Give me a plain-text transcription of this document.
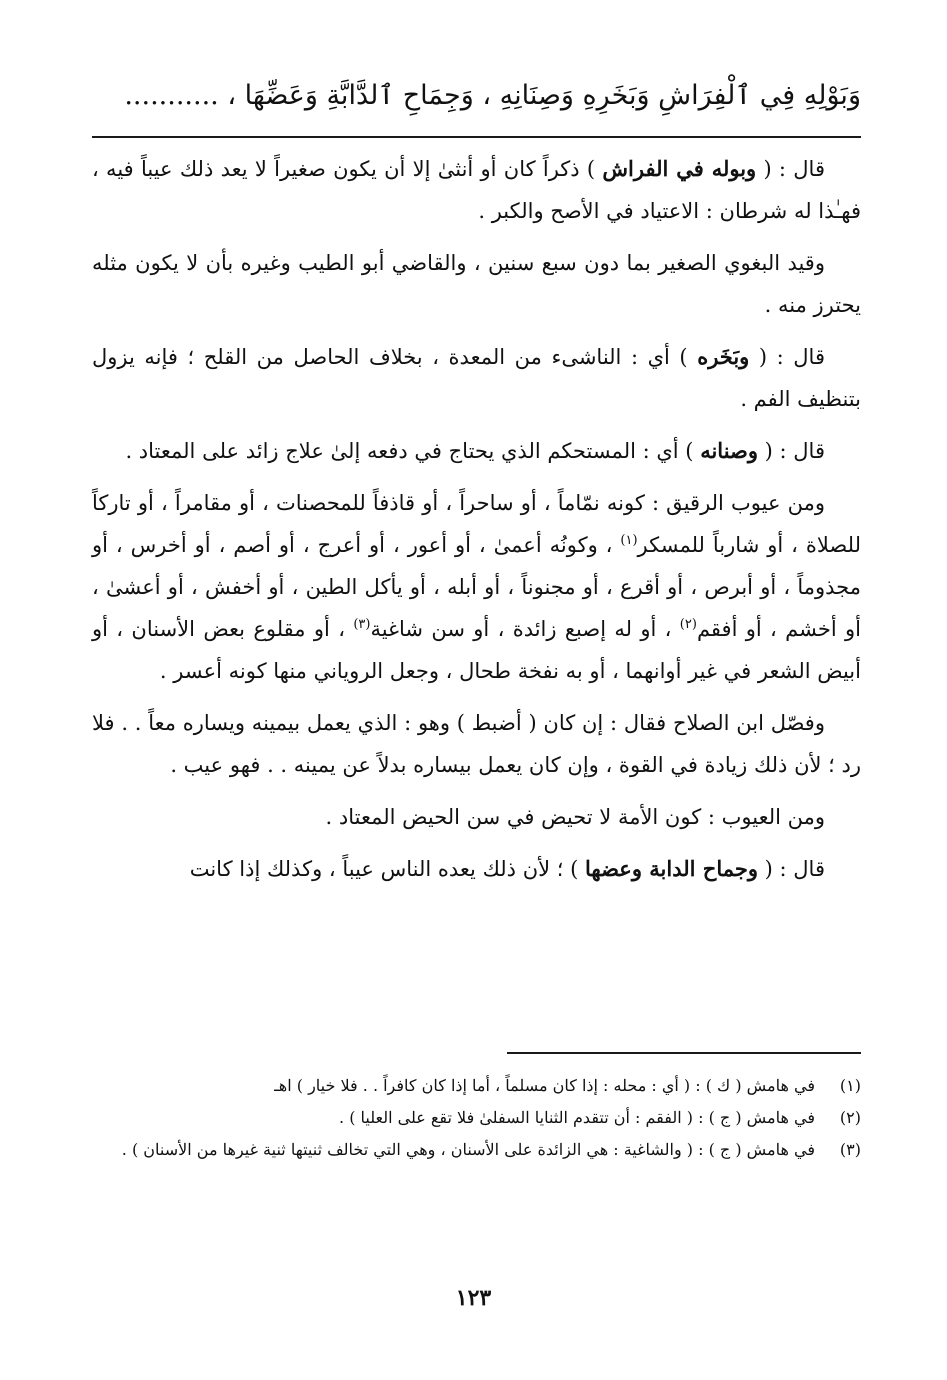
وَبَوْلِهِ فِي ٱلْفِرَاشِ وَبَخَرِهِ وَصِنَانِهِ ، وَجِمَاحِ ٱلدَّابَّةِ وَعَضِّهَا ، ...........

قال : ( وبوله في الفراش ) ذكراً كان أو أنثىٰ إلا أن يكون صغيراً لا يعد ذلك عيباً فيه ، فهـٰذا له شرطان : الاعتياد في الأصح والكبر .

وقيد البغوي الصغير بما دون سبع سنين ، والقاضي أبو الطيب وغيره بأن لا يكون مثله يحترز منه .

قال : ( وبَخَره ) أي : الناشىء من المعدة ، بخلاف الحاصل من القلح ؛ فإنه يزول بتنظيف الفم .

قال : ( وصنانه ) أي : المستحكم الذي يحتاج في دفعه إلىٰ علاج زائد على المعتاد .

ومن عيوب الرقيق : كونه نمّاماً ، أو ساحراً ، أو قاذفاً للمحصنات ، أو مقامراً ، أو تاركاً للصلاة ، أو شارباً للمسكر$^{(١)}$ ، وكونُه أعمىٰ ، أو أعور ، أو أعرج ، أو أصم ، أو أخرس ، أو مجذوماً ، أو أبرص ، أو أقرع ، أو مجنوناً ، أو أبله ، أو يأكل الطين ، أو أخفش ، أو أعشىٰ ، أو أخشم ، أو أفقم$^{(٢)}$ ، أو له إصبع زائدة ، أو سن شاغية$^{(٣)}$ ، أو مقلوع بعض الأسنان ، أو أبيض الشعر في غير أوانهما ، أو به نفخة طحال ، وجعل الروياني منها كونه أعسر .

وفصّل ابن الصلاح فقال : إن كان ( أضبط ) وهو : الذي يعمل بيمينه ويساره معاً . . فلا رد ؛ لأن ذلك زيادة في القوة ، وإن كان يعمل بيساره بدلاً عن يمينه . . فهو عيب .

ومن العيوب : كون الأمة لا تحيض في سن الحيض المعتاد .

قال : ( وجماح الدابة وعضها ) ؛ لأن ذلك يعده الناس عيباً ، وكذلك إذا كانت

(١)
في هامش ( ك ) : ( أي : محله : إذا كان مسلماً ، أما إذا كان كافراً . . فلا خيار ) اهـ
(٢)
في هامش ( ج ) : ( الفقم : أن تتقدم الثنايا السفلىٰ فلا تقع على العليا ) .
(٣)
في هامش ( ج ) : ( والشاغية : هي الزائدة على الأسنان ، وهي التي تخالف ثنيتها ثنية غيرها من الأسنان ) .
١٢٣
